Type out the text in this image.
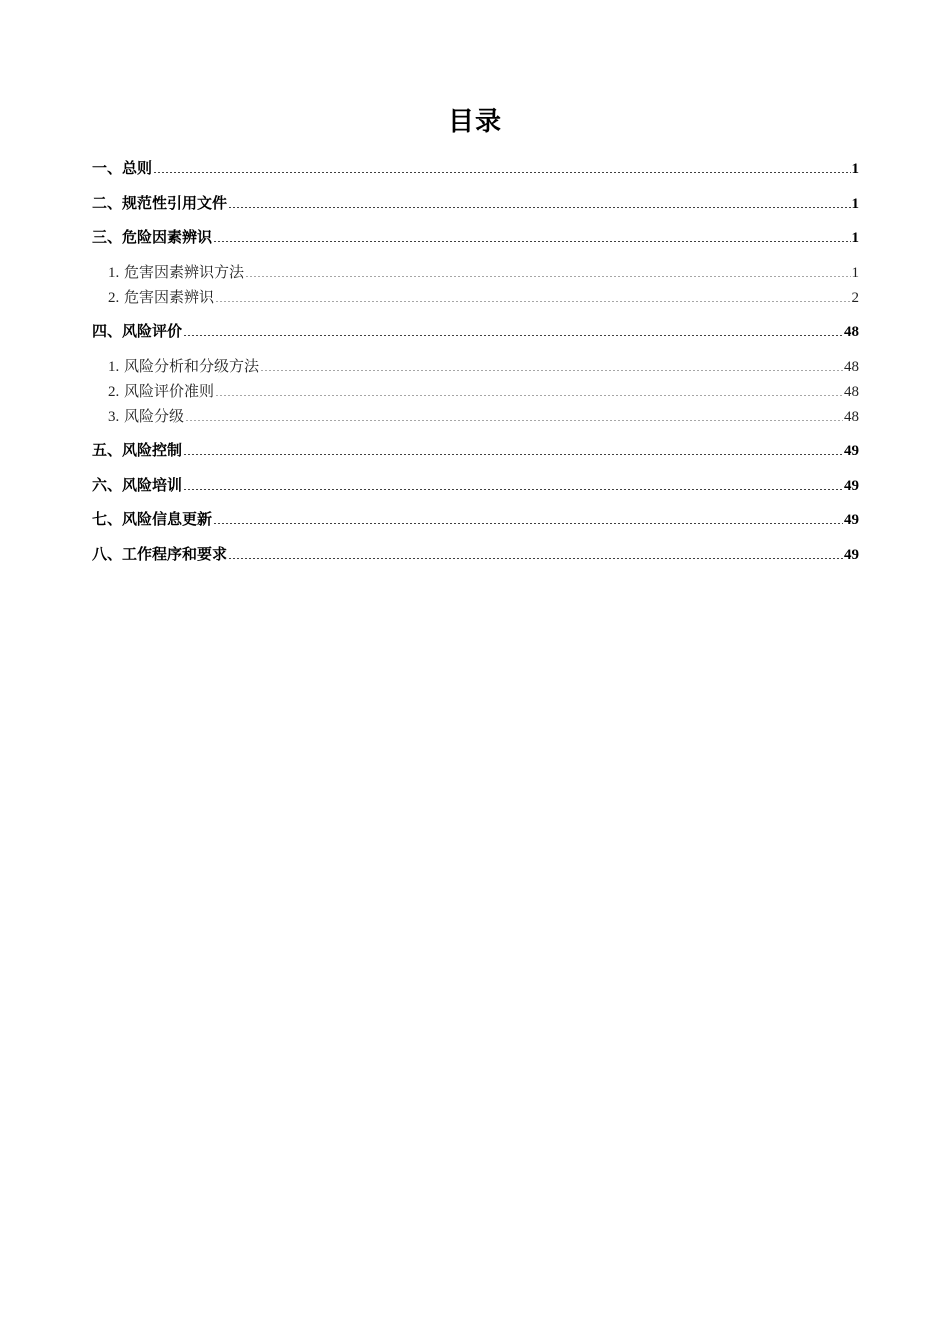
目录
一、总则	1
二、规范性引用文件	1
三、危险因素辨识	1
1. 危害因素辨识方法	1
2. 危害因素辨识	2
四、风险评价	48
1. 风险分析和分级方法	48
2. 风险评价准则	48
3. 风险分级	48
五、风险控制	49
六、风险培训	49
七、风险信息更新	49
八、工作程序和要求	49
